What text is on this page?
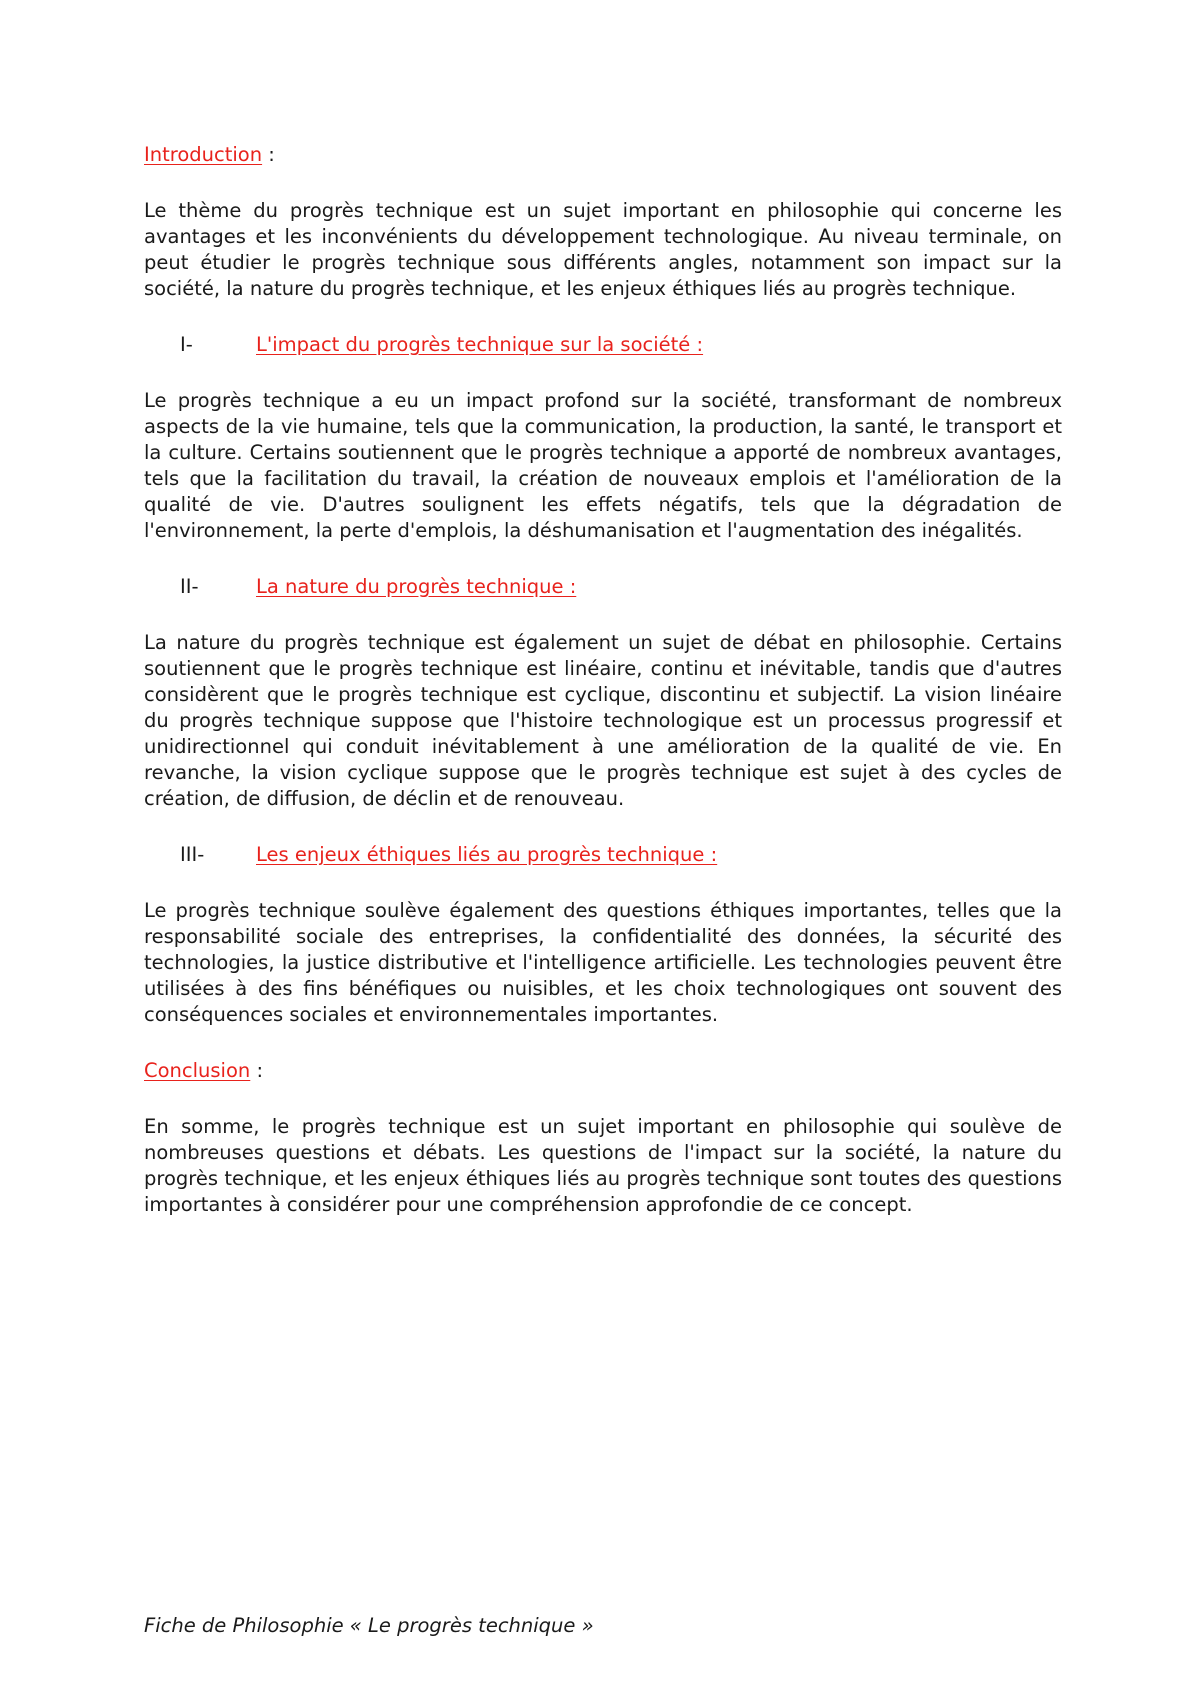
Introduction :

Le thème du progrès technique est un sujet important en philosophie qui concerne les avantages et les inconvénients du développement technologique. Au niveau terminale, on peut étudier le progrès technique sous différents angles, notamment son impact sur la société, la nature du progrès technique, et les enjeux éthiques liés au progrès technique.

I-	L'impact du progrès technique sur la société :

Le progrès technique a eu un impact profond sur la société, transformant de nombreux aspects de la vie humaine, tels que la communication, la production, la santé, le transport et la culture. Certains soutiennent que le progrès technique a apporté de nombreux avantages, tels que la facilitation du travail, la création de nouveaux emplois et l'amélioration de la qualité de vie. D'autres soulignent les effets négatifs, tels que la dégradation de l'environnement, la perte d'emplois, la déshumanisation et l'augmentation des inégalités.

II-	La nature du progrès technique :

La nature du progrès technique est également un sujet de débat en philosophie. Certains soutiennent que le progrès technique est linéaire, continu et inévitable, tandis que d'autres considèrent que le progrès technique est cyclique, discontinu et subjectif. La vision linéaire du progrès technique suppose que l'histoire technologique est un processus progressif et unidirectionnel qui conduit inévitablement à une amélioration de la qualité de vie. En revanche, la vision cyclique suppose que le progrès technique est sujet à des cycles de création, de diffusion, de déclin et de renouveau.

III-	Les enjeux éthiques liés au progrès technique :

Le progrès technique soulève également des questions éthiques importantes, telles que la responsabilité sociale des entreprises, la confidentialité des données, la sécurité des technologies, la justice distributive et l'intelligence artificielle. Les technologies peuvent être utilisées à des fins bénéfiques ou nuisibles, et les choix technologiques ont souvent des conséquences sociales et environnementales importantes.

Conclusion :

En somme, le progrès technique est un sujet important en philosophie qui soulève de nombreuses questions et débats. Les questions de l'impact sur la société, la nature du progrès technique, et les enjeux éthiques liés au progrès technique sont toutes des questions importantes à considérer pour une compréhension approfondie de ce concept.

Fiche de Philosophie « Le progrès technique »
